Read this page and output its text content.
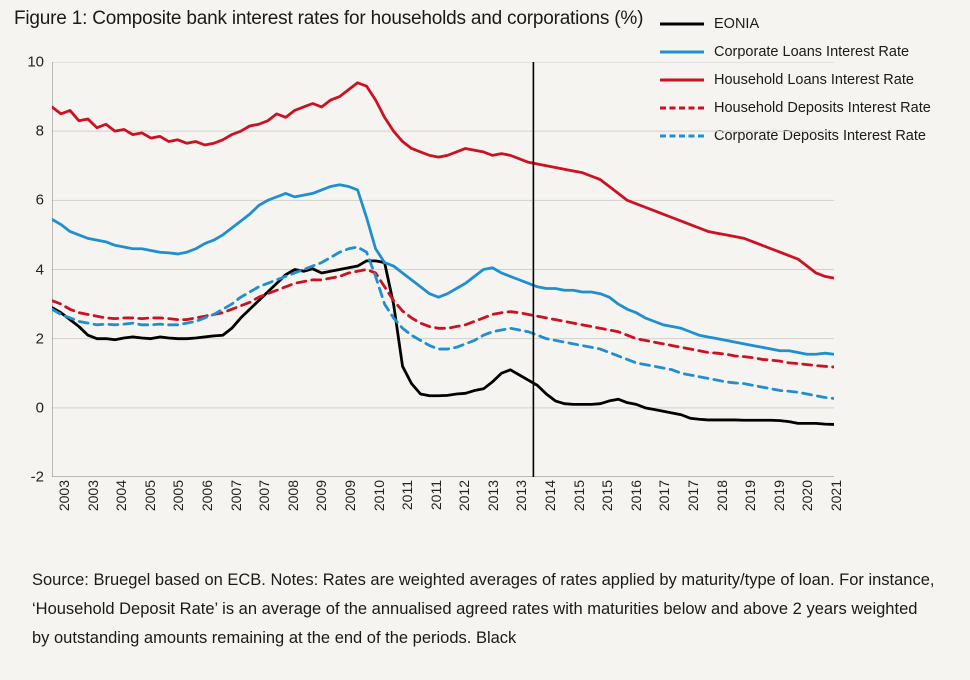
Figure 1: Composite bank interest rates for households and corporations (%)	EONIA
Corporate Loans Interest Rate
Household Loans Interest Rate
Household Deposits Interest Rate
Corporate Deposits Interest Rate
-2
0
2
4
6
8
10
2003 2003 2004 2005 2005 2006 2007 2007 2008 2009 2009 2010 2011 2011 2012 2013 2013 2014 2015 2015 2016 2017 2017 2018 2019 2019 2020 2021
Source: Bruegel based on ECB. Notes: Rates are weighted averages of rates applied by maturity/type of loan. For instance, ‘Household Deposit Rate’ is an average of the annualised agreed rates with maturities below and above 2 years weighted by outstanding amounts remaining at the end of the periods. Black
